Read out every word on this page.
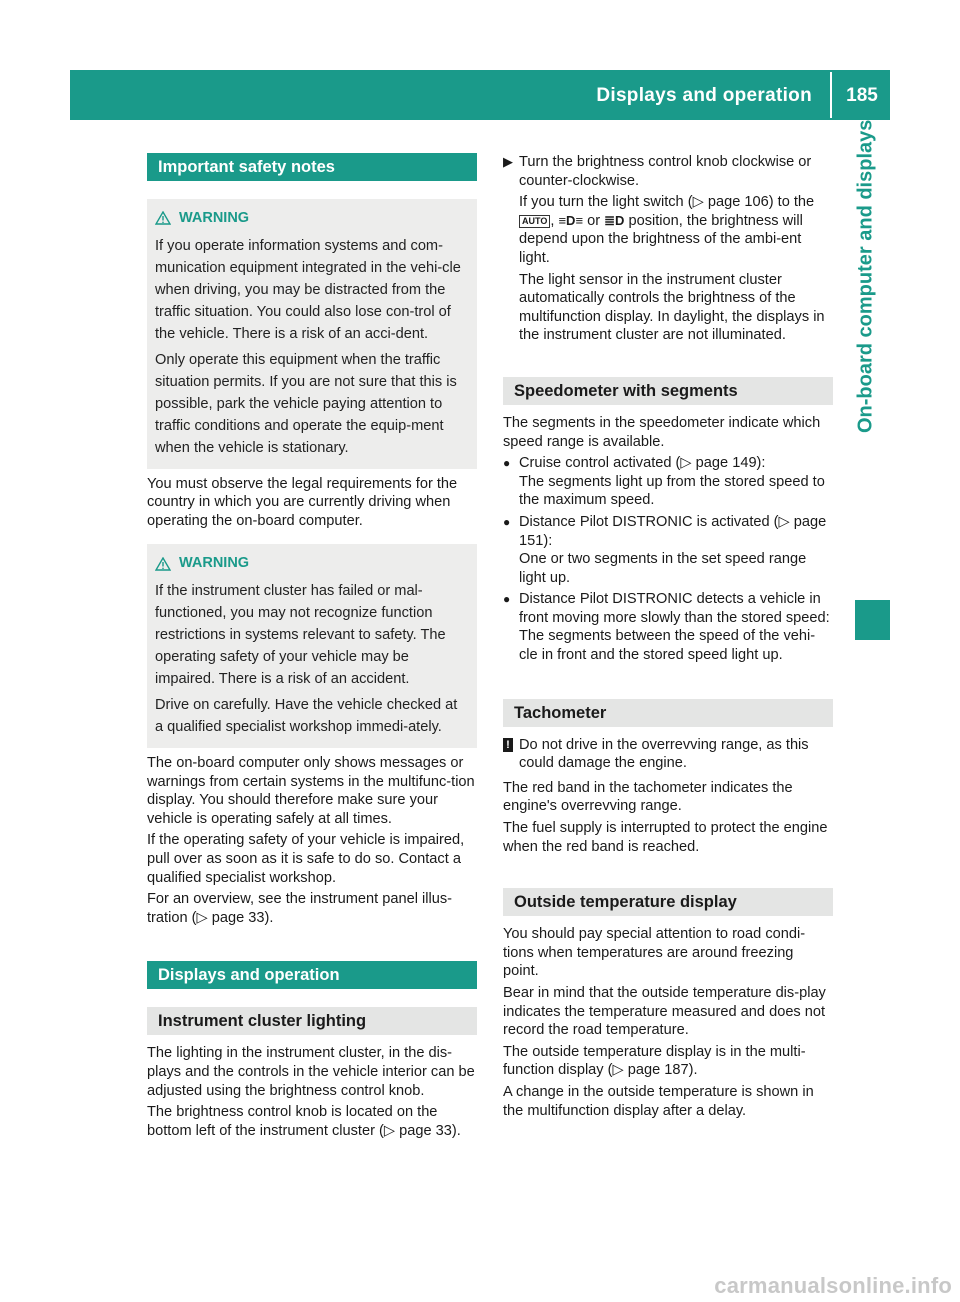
Displays and operation	185
On-board computer and displays
Important safety notes
WARNING

If you operate information systems and com-munication equipment integrated in the vehi-cle when driving, you may be distracted from the traffic situation. You could also lose con-trol of the vehicle. There is a risk of an acci-dent.

Only operate this equipment when the traffic situation permits. If you are not sure that this is possible, park the vehicle paying attention to traffic conditions and operate the equip-ment when the vehicle is stationary.

You must observe the legal requirements for the country in which you are currently driving when operating the on-board computer.

WARNING

If the instrument cluster has failed or mal-functioned, you may not recognize function restrictions in systems relevant to safety. The operating safety of your vehicle may be impaired. There is a risk of an accident.

Drive on carefully. Have the vehicle checked at a qualified specialist workshop immedi-ately.

The on-board computer only shows messages or warnings from certain systems in the multifunc-tion display. You should therefore make sure your vehicle is operating safely at all times.

If the operating safety of your vehicle is impaired, pull over as soon as it is safe to do so. Contact a qualified specialist workshop.

For an overview, see the instrument panel illus-tration (▷ page 33).

Displays and operation
Instrument cluster lighting

The lighting in the instrument cluster, in the dis-plays and the controls in the vehicle interior can be adjusted using the brightness control knob.

The brightness control knob is located on the bottom left of the instrument cluster (▷ page 33).

▶ Turn the brightness control knob clockwise or counter-clockwise.

If you turn the light switch (▷ page 106) to the AUTO , ≡D≡ or ≣D position, the brightness will depend upon the brightness of the ambi-ent light.

The light sensor in the instrument cluster automatically controls the brightness of the multifunction display. In daylight, the displays in the instrument cluster are not illuminated.

Speedometer with segments

The segments in the speedometer indicate which speed range is available.

● Cruise control activated (▷ page 149):

The segments light up from the stored speed to the maximum speed.

● Distance Pilot DISTRONIC is activated (▷ page 151):

One or two segments in the set speed range light up.

● Distance Pilot DISTRONIC detects a vehicle in front moving more slowly than the stored speed:

The segments between the speed of the vehi-cle in front and the stored speed light up.

Tachometer
! Do not drive in the overrevving range, as this could damage the engine.

The red band in the tachometer indicates the engine's overrevving range.

The fuel supply is interrupted to protect the engine when the red band is reached.

Outside temperature display

You should pay special attention to road condi-tions when temperatures are around freezing point.

Bear in mind that the outside temperature dis-play indicates the temperature measured and does not record the road temperature.

The outside temperature display is in the multi-function display (▷ page 187).

A change in the outside temperature is shown in the multifunction display after a delay.

carmanualsonline.info
